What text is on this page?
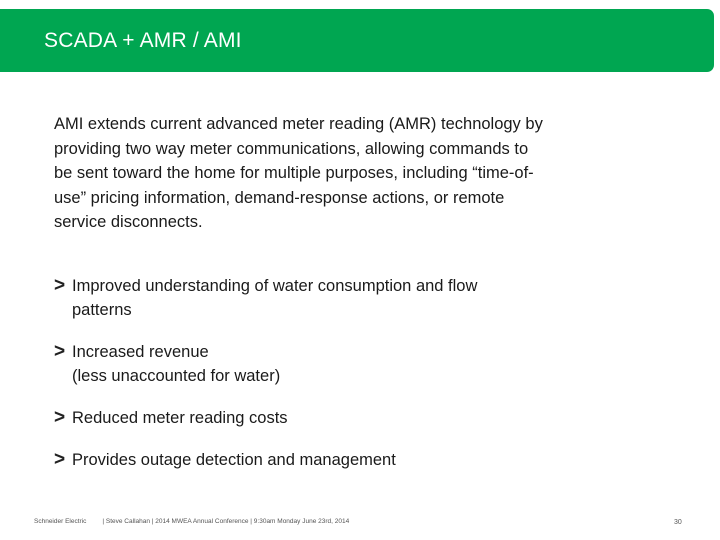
SCADA + AMR / AMI
AMI extends current advanced meter reading (AMR) technology by providing two way meter communications, allowing commands to be sent toward the home for multiple purposes, including “time-of-use” pricing information, demand-response actions, or remote service disconnects.
> Improved understanding of water consumption and flow
patterns
> Increased revenue
(less unaccounted for water)
> Reduced meter reading costs
> Provides outage detection and management
Schneider Electric | Steve Callahan | 2014 MWEA Annual Conference | 9:30am Monday June 23rd, 2014	30
